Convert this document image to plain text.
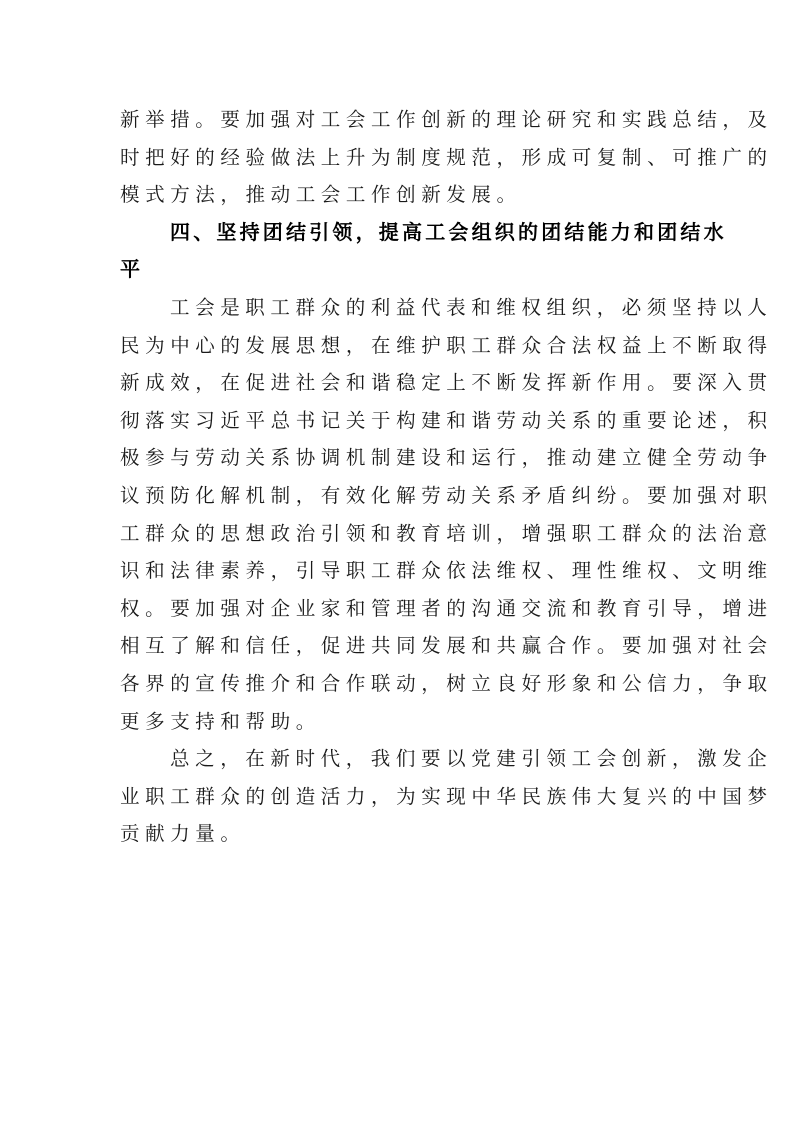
新举措。要加强对工会工作创新的理论研究和实践总结，及
时把好的经验做法上升为制度规范，形成可复制、可推广的
模式方法，推动工会工作创新发展。
四、坚持团结引领，提高工会组织的团结能力和团结水
平
工会是职工群众的利益代表和维权组织，必须坚持以人
民为中心的发展思想，在维护职工群众合法权益上不断取得
新成效，在促进社会和谐稳定上不断发挥新作用。要深入贯
彻落实习近平总书记关于构建和谐劳动关系的重要论述，积
极参与劳动关系协调机制建设和运行，推动建立健全劳动争
议预防化解机制，有效化解劳动关系矛盾纠纷。要加强对职
工群众的思想政治引领和教育培训，增强职工群众的法治意
识和法律素养，引导职工群众依法维权、理性维权、文明维
权。要加强对企业家和管理者的沟通交流和教育引导，增进
相互了解和信任，促进共同发展和共赢合作。要加强对社会
各界的宣传推介和合作联动，树立良好形象和公信力，争取
更多支持和帮助。
总之，在新时代，我们要以党建引领工会创新，激发企
业职工群众的创造活力，为实现中华民族伟大复兴的中国梦
贡献力量。
